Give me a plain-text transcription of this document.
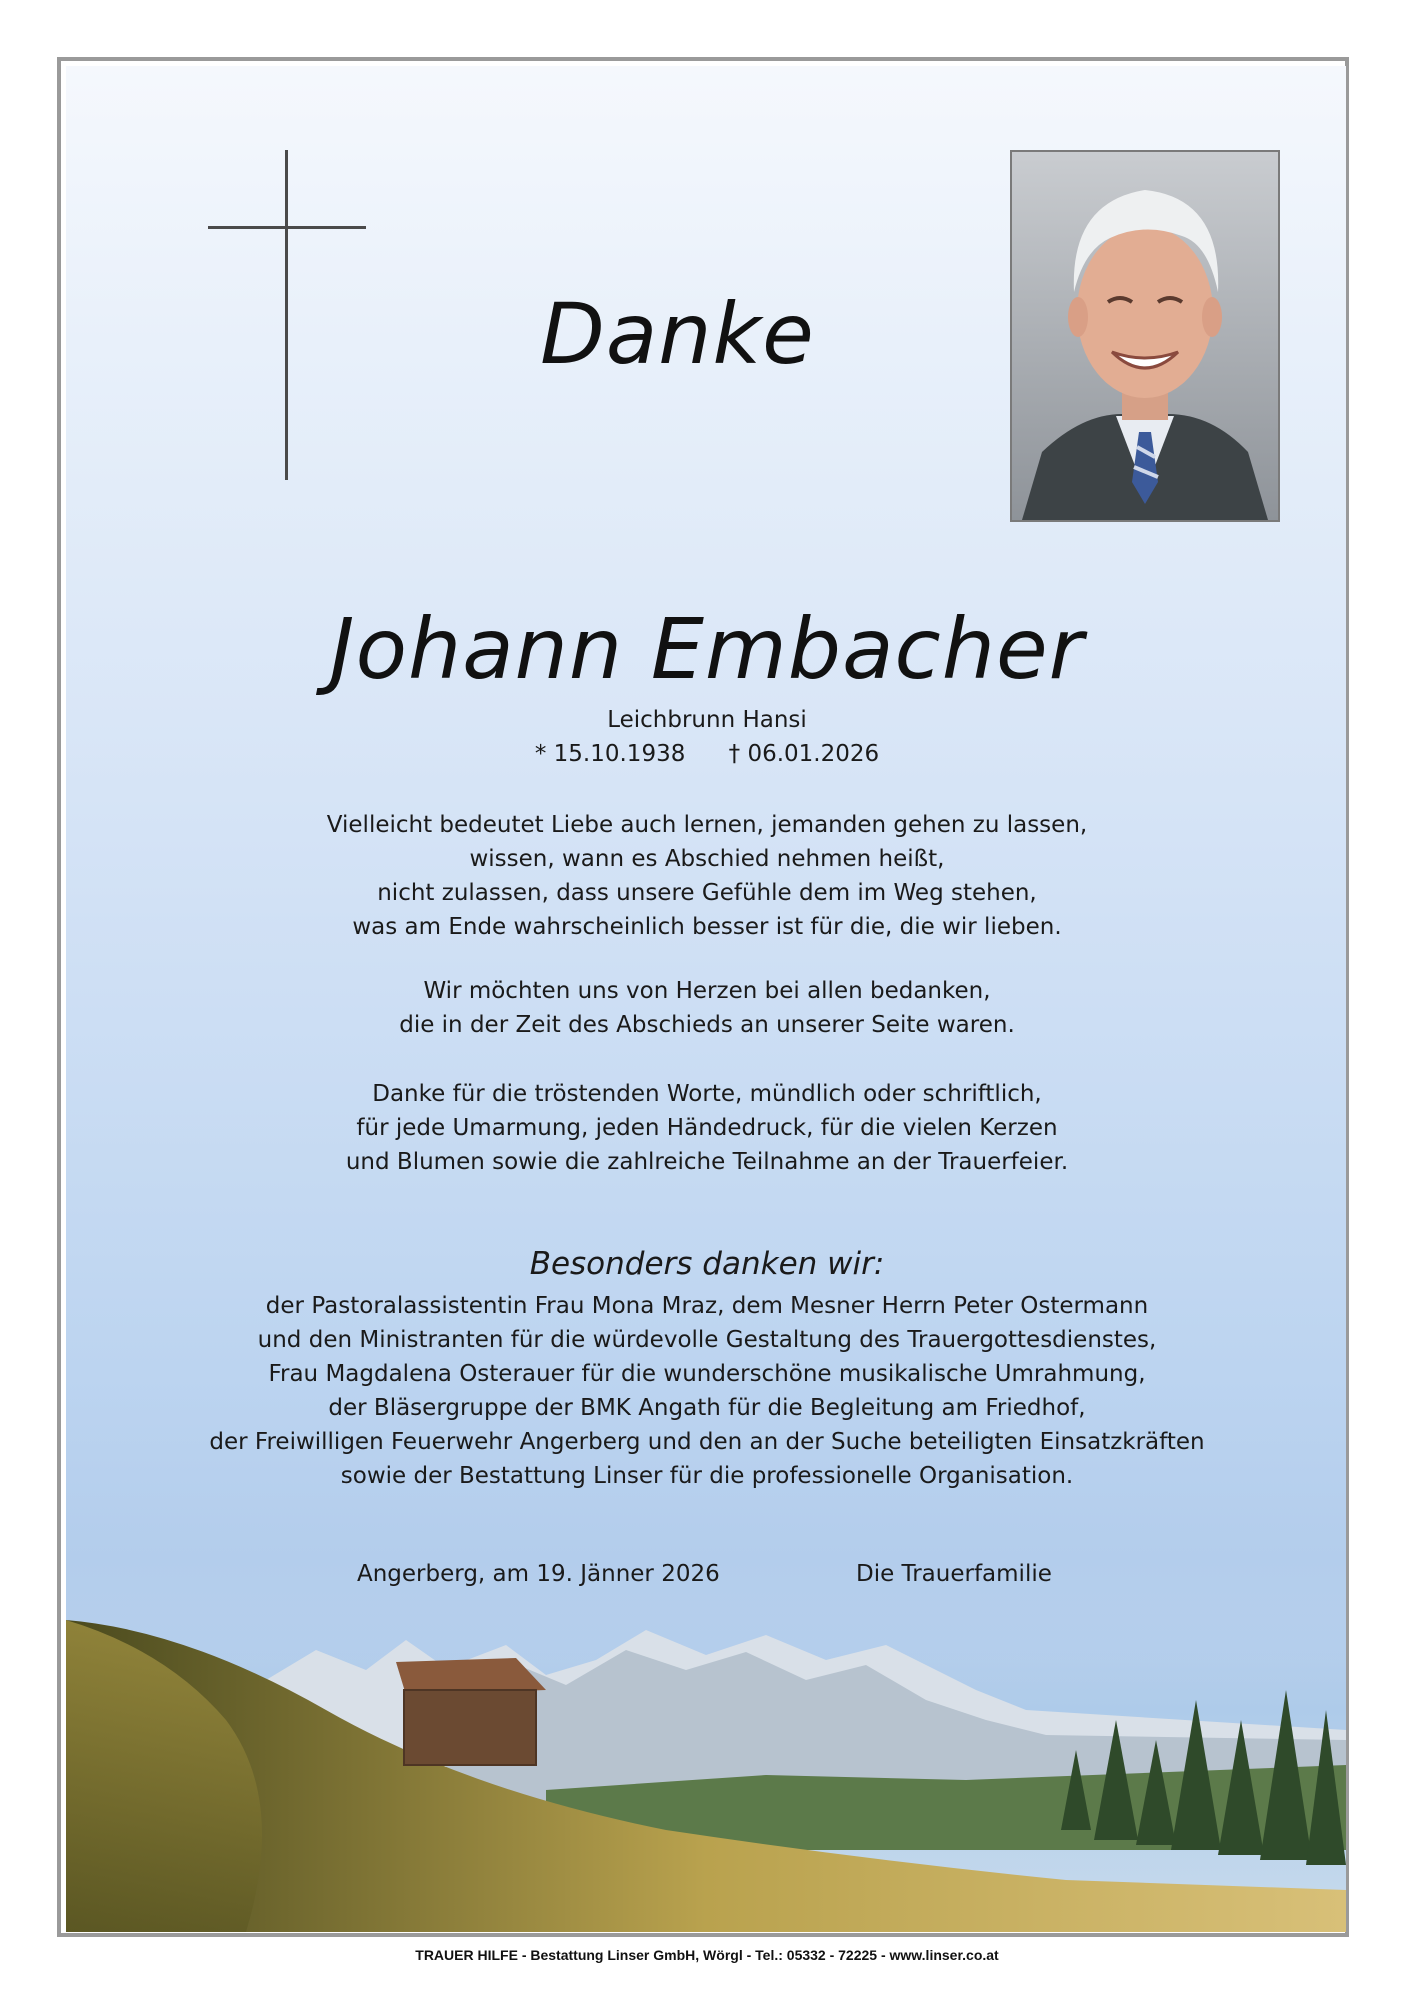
Danke
Johann Embacher
Leichbrunn Hansi
* 15.10.1938 † 06.01.2026
Vielleicht bedeutet Liebe auch lernen, jemanden gehen zu lassen,
wissen, wann es Abschied nehmen heißt,
nicht zulassen, dass unsere Gefühle dem im Weg stehen,
was am Ende wahrscheinlich besser ist für die, die wir lieben.
Wir möchten uns von Herzen bei allen bedanken,
die in der Zeit des Abschieds an unserer Seite waren.
Danke für die tröstenden Worte, mündlich oder schriftlich,
für jede Umarmung, jeden Händedruck, für die vielen Kerzen
und Blumen sowie die zahlreiche Teilnahme an der Trauerfeier.
Besonders danken wir:
der Pastoralassistentin Frau Mona Mraz, dem Mesner Herrn Peter Ostermann
und den Ministranten für die würdevolle Gestaltung des Trauergottesdienstes,
Frau Magdalena Osterauer für die wunderschöne musikalische Umrahmung,
der Bläsergruppe der BMK Angath für die Begleitung am Friedhof,
der Freiwilligen Feuerwehr Angerberg und den an der Suche beteiligten Einsatzkräften
sowie der Bestattung Linser für die professionelle Organisation.
Angerberg, am 19. Jänner 2026	Die Trauerfamilie
TRAUER HILFE - Bestattung Linser GmbH, Wörgl - Tel.: 05332 - 72225 - www.linser.co.at
